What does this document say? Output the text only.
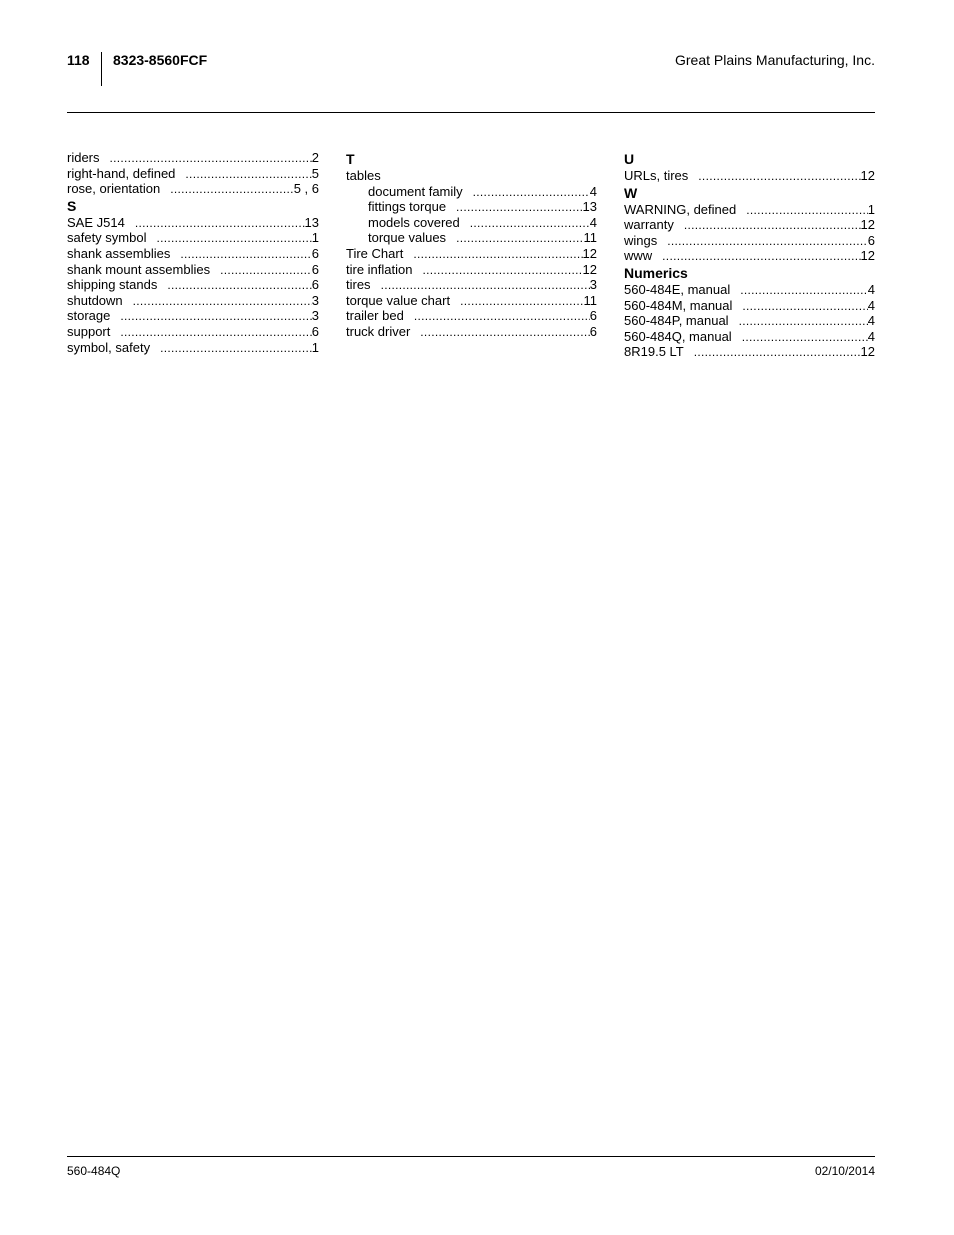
118 8323-8560FCF	Great Plains Manufacturing, Inc.
riders .....	2
right-hand, defined .....	5
rose, orientation .....	5 , 6
S
SAE J514 .....	13
safety symbol .....	1
shank assemblies .....	6
shank mount assemblies .....	6
shipping stands .....	6
shutdown .....	3
storage .....	3
support .....	6
symbol, safety .....	1
T
tables
document family .....	4
fittings torque .....	13
models covered .....	4
torque values .....	11
Tire Chart .....	12
tire inflation .....	12
tires .....	3
torque value chart .....	11
trailer bed .....	6
truck driver .....	6
U
URLs, tires .....	12
W
WARNING, defined .....	1
warranty .....	12
wings .....	6
www .....	12
Numerics
560-484E, manual .....	4
560-484M, manual .....	4
560-484P, manual .....	4
560-484Q, manual .....	4
8R19.5 LT .....	12
560-484Q	02/10/2014
